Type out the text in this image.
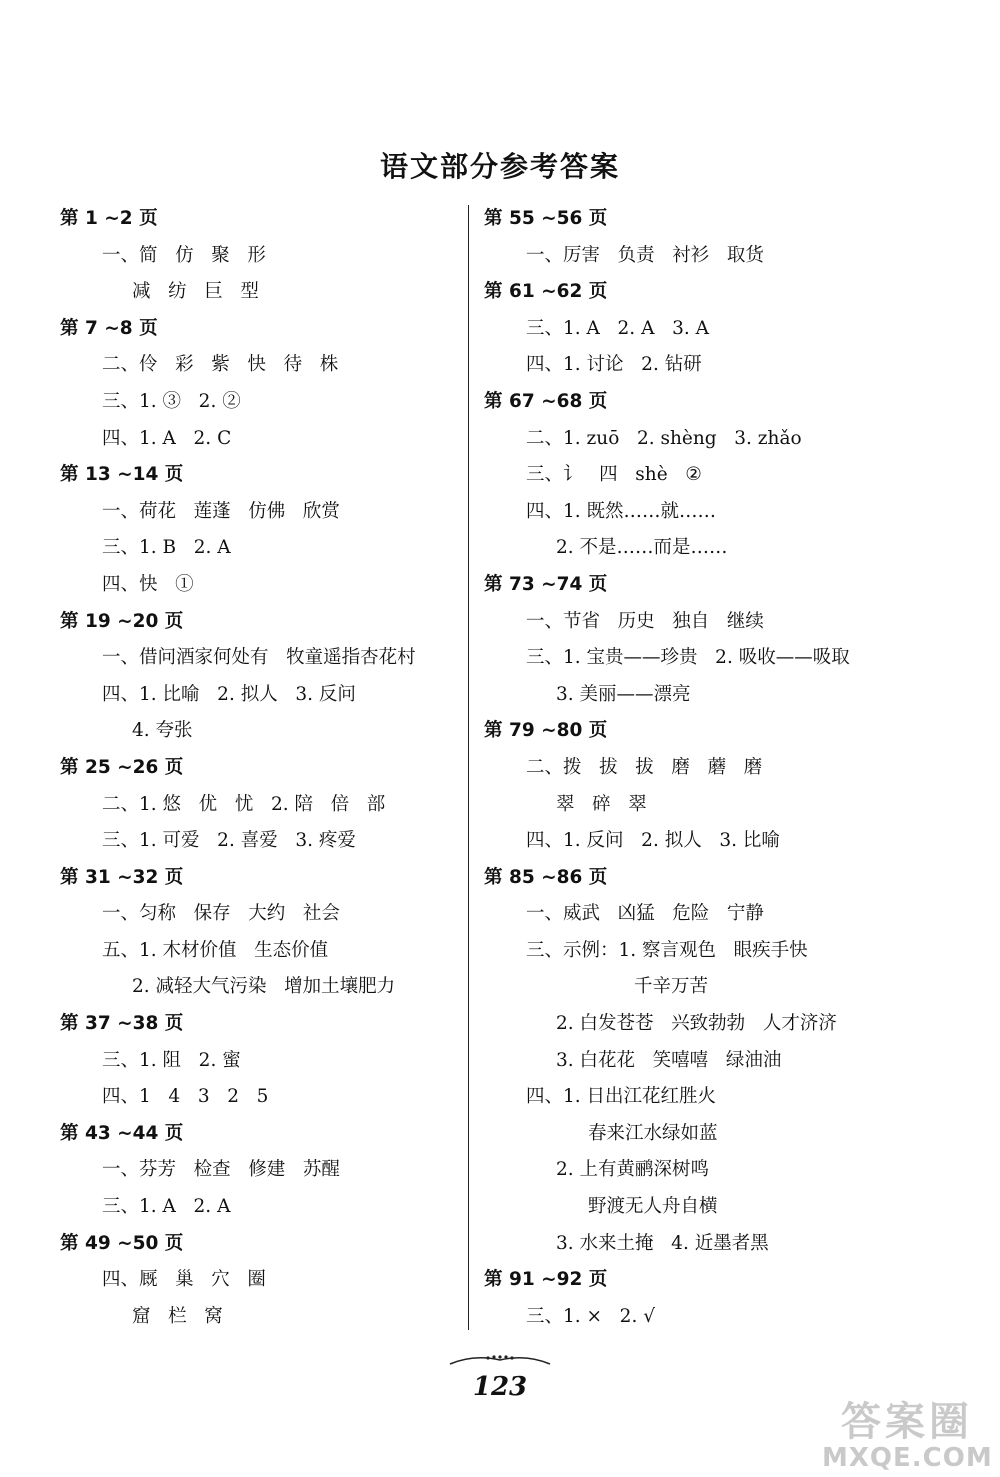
语文部分参考答案
第 1 ~2 页
一、简   仿   聚   形
减   纺   巨   型
第 7 ~8 页
二、伶   彩   紫   快   待   株
三、1. ③   2. ②
四、1. A   2. C
第 13 ~14 页
一、荷花   莲蓬   仿佛   欣赏
三、1. B   2. A
四、快   ①
第 19 ~20 页
一、借问酒家何处有   牧童遥指杏花村
四、1. 比喻   2. 拟人   3. 反问
4. 夸张
第 25 ~26 页
二、1. 悠   优   忧   2. 陪   倍   部
三、1. 可爱   2. 喜爱   3. 疼爱
第 31 ~32 页
一、匀称   保存   大约   社会
五、1. 木材价值   生态价值
2. 减轻大气污染   增加土壤肥力
第 37 ~38 页
三、1. 阻   2. 蜜
四、1   4   3   2   5
第 43 ~44 页
一、芬芳   检查   修建   苏醒
三、1. A   2. A
第 49 ~50 页
四、厩   巢   穴   圈
窟   栏   窝
第 55 ~56 页
一、厉害   负责   衬衫   取货
第 61 ~62 页
三、1. A   2. A   3. A
四、1. 讨论   2. 钻研
第 67 ~68 页
二、1. zuō   2. shèng   3. zhǎo
三、讠   四   shè   ②
四、1. 既然……就……
2. 不是……而是……
第 73 ~74 页
一、节省   历史   独自   继续
三、1. 宝贵——珍贵   2. 吸收——吸取
3. 美丽——漂亮
第 79 ~80 页
二、拨   拔   拔   磨   蘑   磨
翠   碎   翠
四、1. 反问   2. 拟人   3. 比喻
第 85 ~86 页
一、威武   凶猛   危险   宁静
三、示例：1. 察言观色   眼疾手快
千辛万苦
2. 白发苍苍   兴致勃勃   人才济济
3. 白花花   笑嘻嘻   绿油油
四、1. 日出江花红胜火
春来江水绿如蓝
2. 上有黄鹂深树鸣
野渡无人舟自横
3. 水来土掩   4. 近墨者黑
第 91 ~92 页
三、1. ×   2. √
123
答案圈
MXQE.COM
